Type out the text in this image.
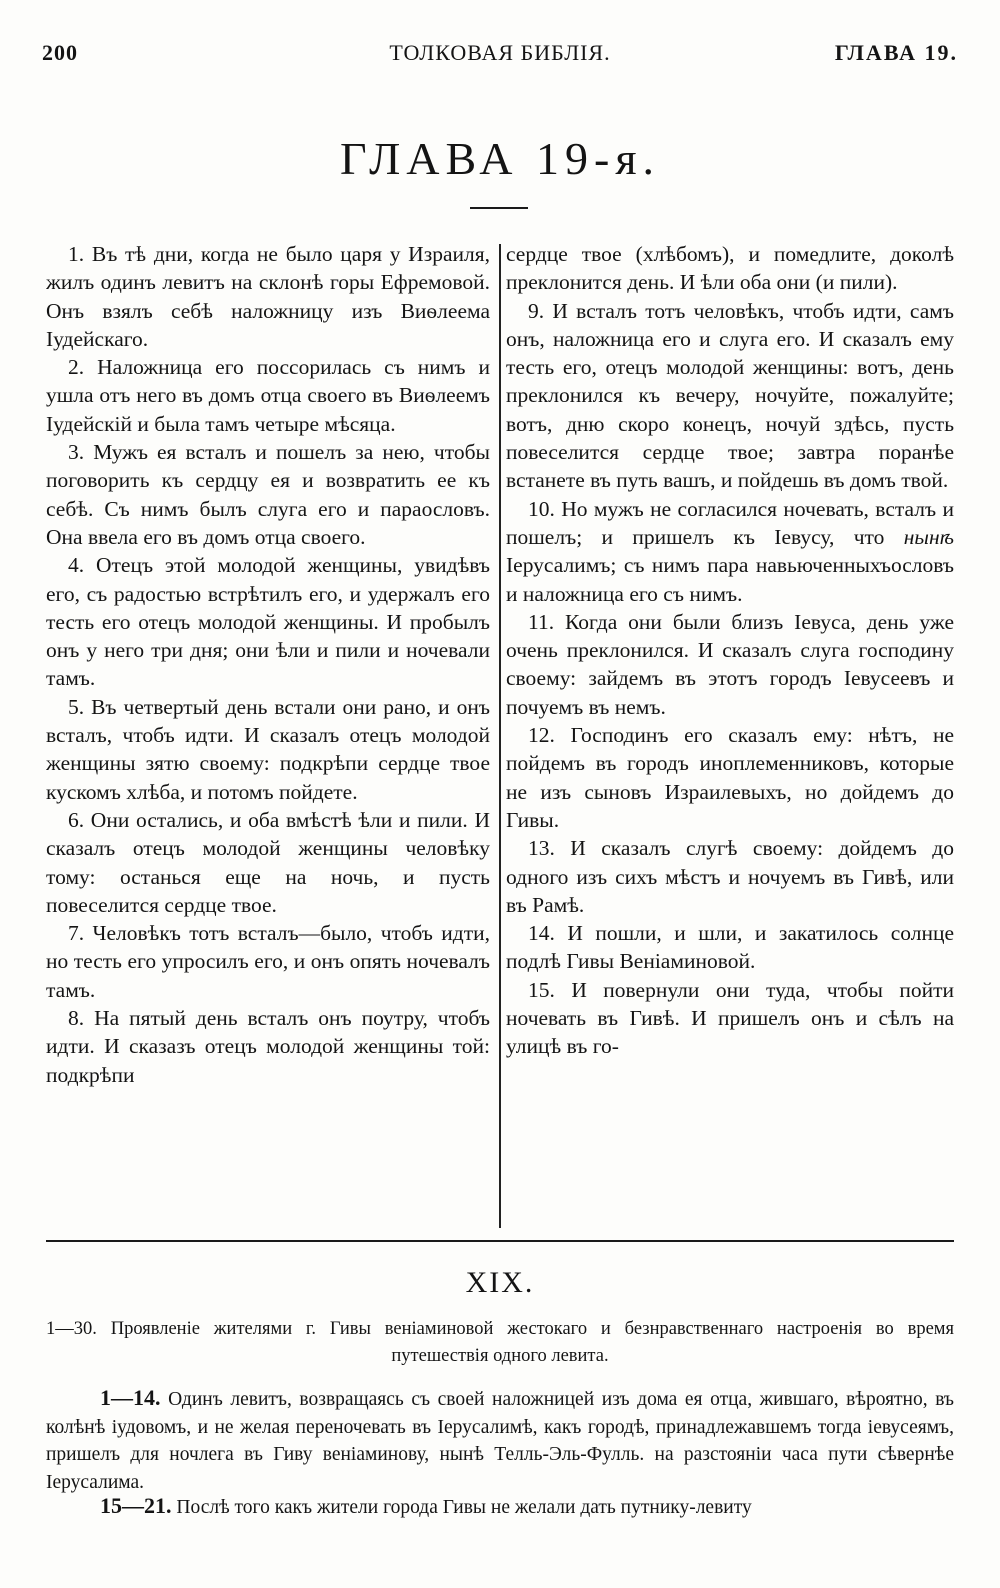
200	ТОЛКОВАЯ БИБЛІЯ.	ГЛАВА 19.
ГЛАВА 19-я.

1. Въ тѣ дни, когда не было царя у Израиля, жилъ одинъ левитъ на склонѣ горы Ефремовой. Онъ взялъ себѣ наложницу изъ Виѳлеема Іудейскаго.

2. Наложница его поссорилась съ нимъ и ушла отъ него въ домъ отца своего въ Виѳлеемъ Іудейскій и была тамъ четыре мѣсяца.

3. Мужъ ея всталъ и пошелъ за нею, чтобы поговорить къ сердцу ея и возвратить ее къ себѣ. Съ нимъ былъ слуга его и параословъ. Она ввела его въ домъ отца своего.

4. Отецъ этой молодой женщины, увидѣвъ его, съ радостью встрѣтилъ его, и удержалъ его тесть его отецъ молодой женщины. И пробылъ онъ у него три дня; они ѣли и пили и ночевали тамъ.

5. Въ четвертый день встали они рано, и онъ всталъ, чтобъ идти. И сказалъ отецъ молодой женщины зятю своему: подкрѣпи сердце твое кускомъ хлѣба, и потомъ пойдете.

6. Они остались, и оба вмѣстѣ ѣли и пили. И сказалъ отецъ молодой женщины человѣку тому: останься еще на ночь, и пусть повеселится сердце твое.

7. Человѣкъ тотъ всталъ—было, чтобъ идти, но тесть его упросилъ его, и онъ опять ночевалъ тамъ.

8. На пятый день всталъ онъ поутру, чтобъ идти. И сказазъ отецъ молодой женщины той: подкрѣпи

сердце твое (хлѣбомъ), и помедлите, доколѣ преклонится день. И ѣли оба они (и пили).

9. И всталъ тотъ человѣкъ, чтобъ идти, самъ онъ, наложница его и слуга его. И сказалъ ему тесть его, отецъ молодой женщины: вотъ, день преклонился къ вечеру, ночуйте, пожалуйте; вотъ, дню скоро конецъ, ночуй здѣсь, пусть повеселится сердце твое; завтра поранѣе встанете въ путь вашъ, и пойдешь въ домъ твой.

10. Но мужъ не согласился ночевать, всталъ и пошелъ; и пришелъ къ Іевусу, что нынѣ Іерусалимъ; съ нимъ пара навьюченныхъословъ и наложница его съ нимъ.

11. Когда они были близъ Іевуса, день уже очень преклонился. И сказалъ слуга господину своему: зайдемъ въ этотъ городъ Іевусеевъ и почуемъ въ немъ.

12. Господинъ его сказалъ ему: нѣтъ, не пойдемъ въ городъ иноплеменниковъ, которые не изъ сыновъ Израилевыхъ, но дойдемъ до Гивы.

13. И сказалъ слугѣ своему: дойдемъ до одного изъ сихъ мѣстъ и ночуемъ въ Гивѣ, или въ Рамѣ.

14. И пошли, и шли, и закатилось солнце подлѣ Гивы Веніаминовой.

15. И повернули они туда, чтобы пойти ночевать въ Гивѣ. И пришелъ онъ и сѣлъ на улицѣ въ го-

XIX.
1—30. Проявленіе жителями г. Гивы веніаминовой жестокаго и безнравственнаго настроенія во время путешествія одного левита.
1—14. Одинъ левитъ, возвращаясь съ своей наложницей изъ дома ея отца, жившаго, вѣроятно, въ колѣнѣ іудовомъ, и не желая переночевать въ Іерусалимѣ, какъ городѣ, принадлежавшемъ тогда іевусеямъ, пришелъ для ночлега въ Гиву веніаминову, нынѣ Телль-Эль-Фулль. на разстояніи часа пути сѣвернѣе Іерусалима.
15—21. Послѣ того какъ жители города Гивы не желали дать путнику-левиту
